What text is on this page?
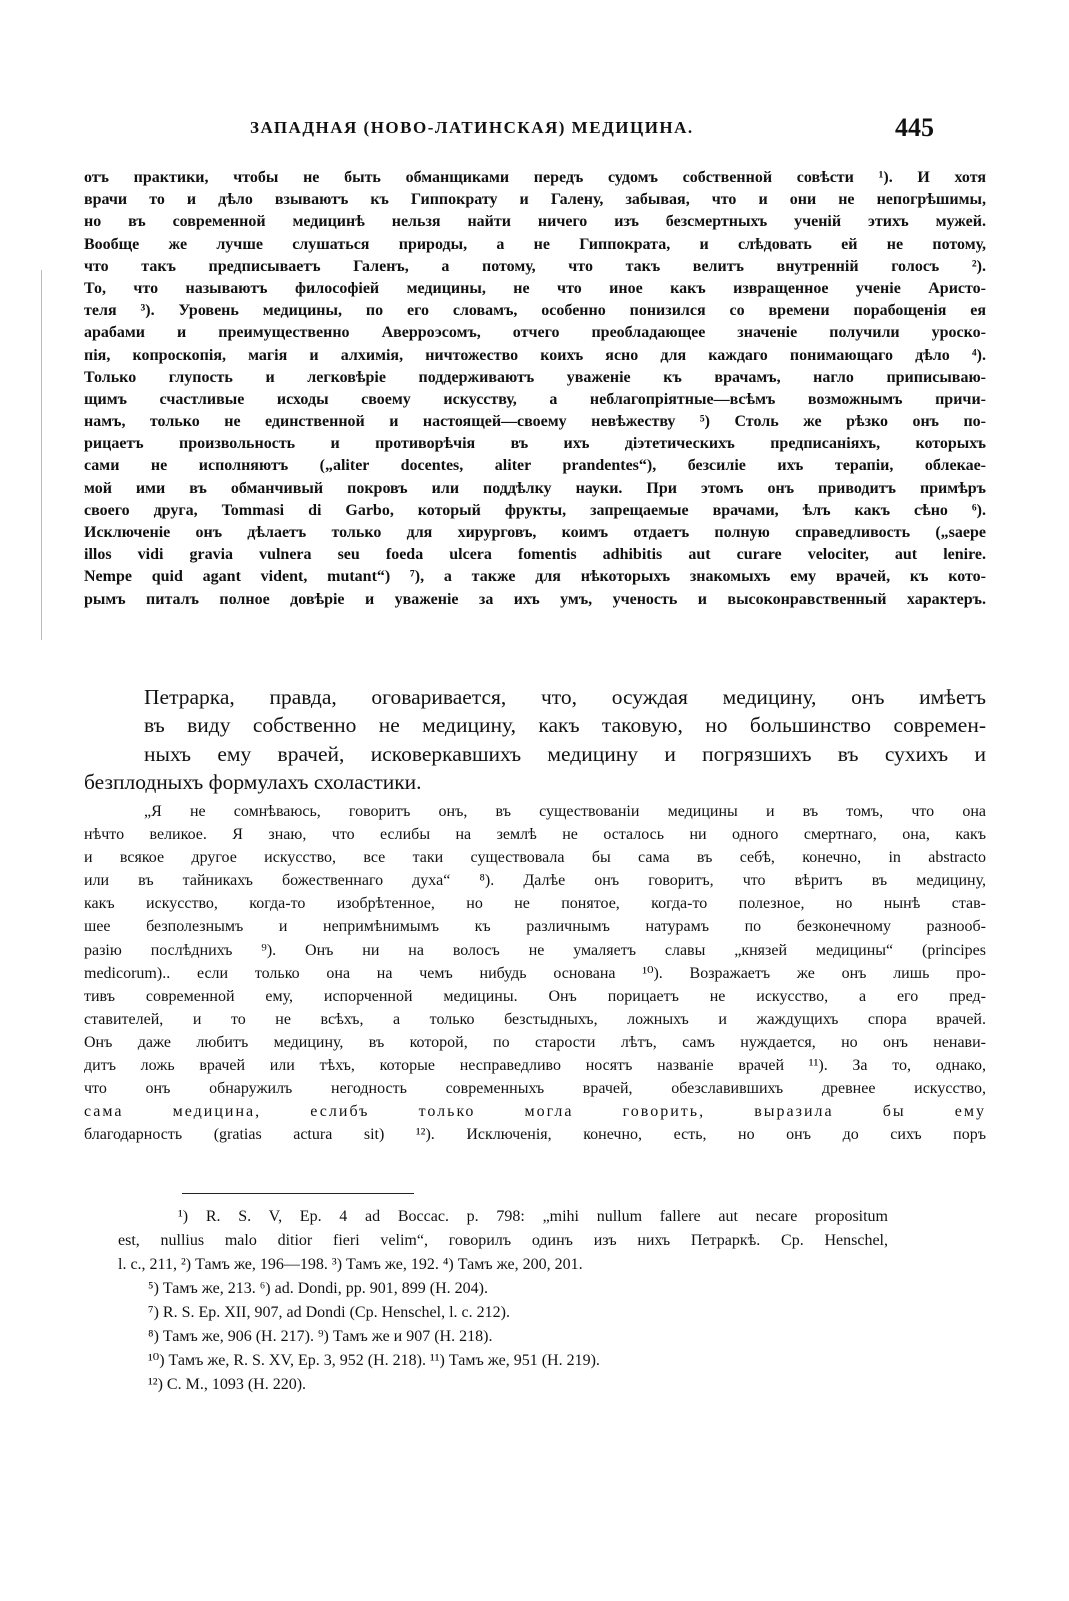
ЗАПАДНАЯ (НОВО-ЛАТИНСКАЯ) МЕДИЦИНА.	445
отъ практики, чтобы не быть обманщиками передъ судомъ собственной совѣсти ¹). И хотя
врачи то и дѣло взываютъ къ Гиппократу и Галену, забывая, что и они не непогрѣшимы,
но въ современной медицинѣ нельзя найти ничего изъ безсмертныхъ ученій этихъ мужей.
Вообще же лучше слушаться природы, а не Гиппократа, и слѣдовать ей не потому,
что такъ предписываетъ Галенъ, а потому, что такъ велитъ внутренній голосъ ²).
То, что называютъ философіей медицины, не что иное какъ извращенное ученіе Аристо-
теля ³). Уровень медицины, по его словамъ, особенно понизился со времени порабощенія ея
арабами и преимущественно Аверроэсомъ, отчего преобладающее значеніе получили уроско-
пія, копроскопія, магія и алхимія, ничтожество коихъ ясно для каждаго понимающаго дѣло ⁴).
Только глупость и легковѣріе поддерживаютъ уваженіе къ врачамъ, нагло приписываю-
щимъ счастливые исходы своему искусству, а неблагопріятные—всѣмъ возможнымъ причи-
намъ, только не единственной и настоящей—своему невѣжеству ⁵) Столь же рѣзко онъ по-
рицаетъ произвольность и противорѣчія въ ихъ діэтетическихъ предписаніяхъ, которыхъ
сами не исполняютъ („aliter docentes, aliter prandentes“), безсиліе ихъ терапіи, облекае-
мой ими въ обманчивый покровъ или поддѣлку науки. При этомъ онъ приводитъ примѣръ
своего друга, Tommasi di Garbo, который фрукты, запрещаемые врачами, ѣлъ какъ сѣно ⁶).
Исключеніе онъ дѣлаетъ только для хирурговъ, коимъ отдаетъ полную справедливость („saepe
illos vidi gravia vulnera seu foeda ulcera fomentis adhibitis aut curare velociter, aut lenire.
Nempe quid agant vident, mutant“) ⁷), а также для нѣкоторыхъ знакомыхъ ему врачей, къ кото-
рымъ питалъ полное довѣріе и уваженіе за ихъ умъ, ученость и высоконравственный характеръ.
Петрарка, правда, оговаривается, что, осуждая медицину, онъ имѣетъ
въ виду собственно не медицину, какъ таковую, но большинство современ-
ныхъ ему врачей, исковеркавшихъ медицину и погрязшихъ въ сухихъ и
безплодныхъ формулахъ схоластики.
„Я не сомнѣваюсь, говоритъ онъ, въ существованіи медицины и въ томъ, что она
нѣчто великое. Я знаю, что еслибы на землѣ не осталось ни одного смертнаго, она, какъ
и всякое другое искусство, все таки существовала бы сама въ себѣ, конечно, in abstracto
или въ тайникахъ божественнаго духа“ ⁸). Далѣе онъ говоритъ, что вѣритъ въ медицину,
какъ искусство, когда-то изобрѣтенное, но не понятое, когда-то полезное, но нынѣ став-
шее безполезнымъ и непримѣнимымъ къ различнымъ натурамъ по безконечному разнооб-
разію послѣднихъ ⁹). Онъ ни на волосъ не умаляетъ славы „князей медицины“ (principes
medicorum).. если только она на чемъ нибудь основана ¹⁰). Возражаетъ же онъ лишь про-
тивъ современной ему, испорченной медицины. Онъ порицаетъ не искусство, а его пред-
ставителей, и то не всѣхъ, а только безстыдныхъ, ложныхъ и жаждущихъ спора врачей.
Онъ даже любитъ медицину, въ которой, по старости лѣтъ, самъ нуждается, но онъ ненави-
дитъ ложь врачей или тѣхъ, которые несправедливо носятъ названіе врачей ¹¹). За то, однако,
что онъ обнаружилъ негодность современныхъ врачей, обезславившихъ древнее искусство,
сама медицина, еслибъ только могла говорить, выразила бы ему
благодарность (gratias actura sit) ¹²). Исключенія, конечно, есть, но онъ до сихъ поръ
¹) R. S. V, Ep. 4 ad Boccac. p. 798: „mihi nullum fallere aut necare propositum
est, nullius malo ditior fieri velim“, говорилъ одинъ изъ нихъ Петраркѣ. Ср. Henschel,
l. c., 211, ²) Тамъ же, 196—198. ³) Тамъ же, 192. ⁴) Тамъ же, 200, 201.
⁵) Тамъ же, 213. ⁶) ad. Dondi, pp. 901, 899 (H. 204).
⁷) R. S. Ep. XII, 907, ad Dondi (Ср. Henschel, l. c. 212).
⁸) Тамъ же, 906 (H. 217). ⁹) Тамъ же и 907 (H. 218).
¹⁰) Тамъ же, R. S. XV, Ep. 3, 952 (H. 218). ¹¹) Тамъ же, 951 (H. 219).
¹²) C. M., 1093 (H. 220).
